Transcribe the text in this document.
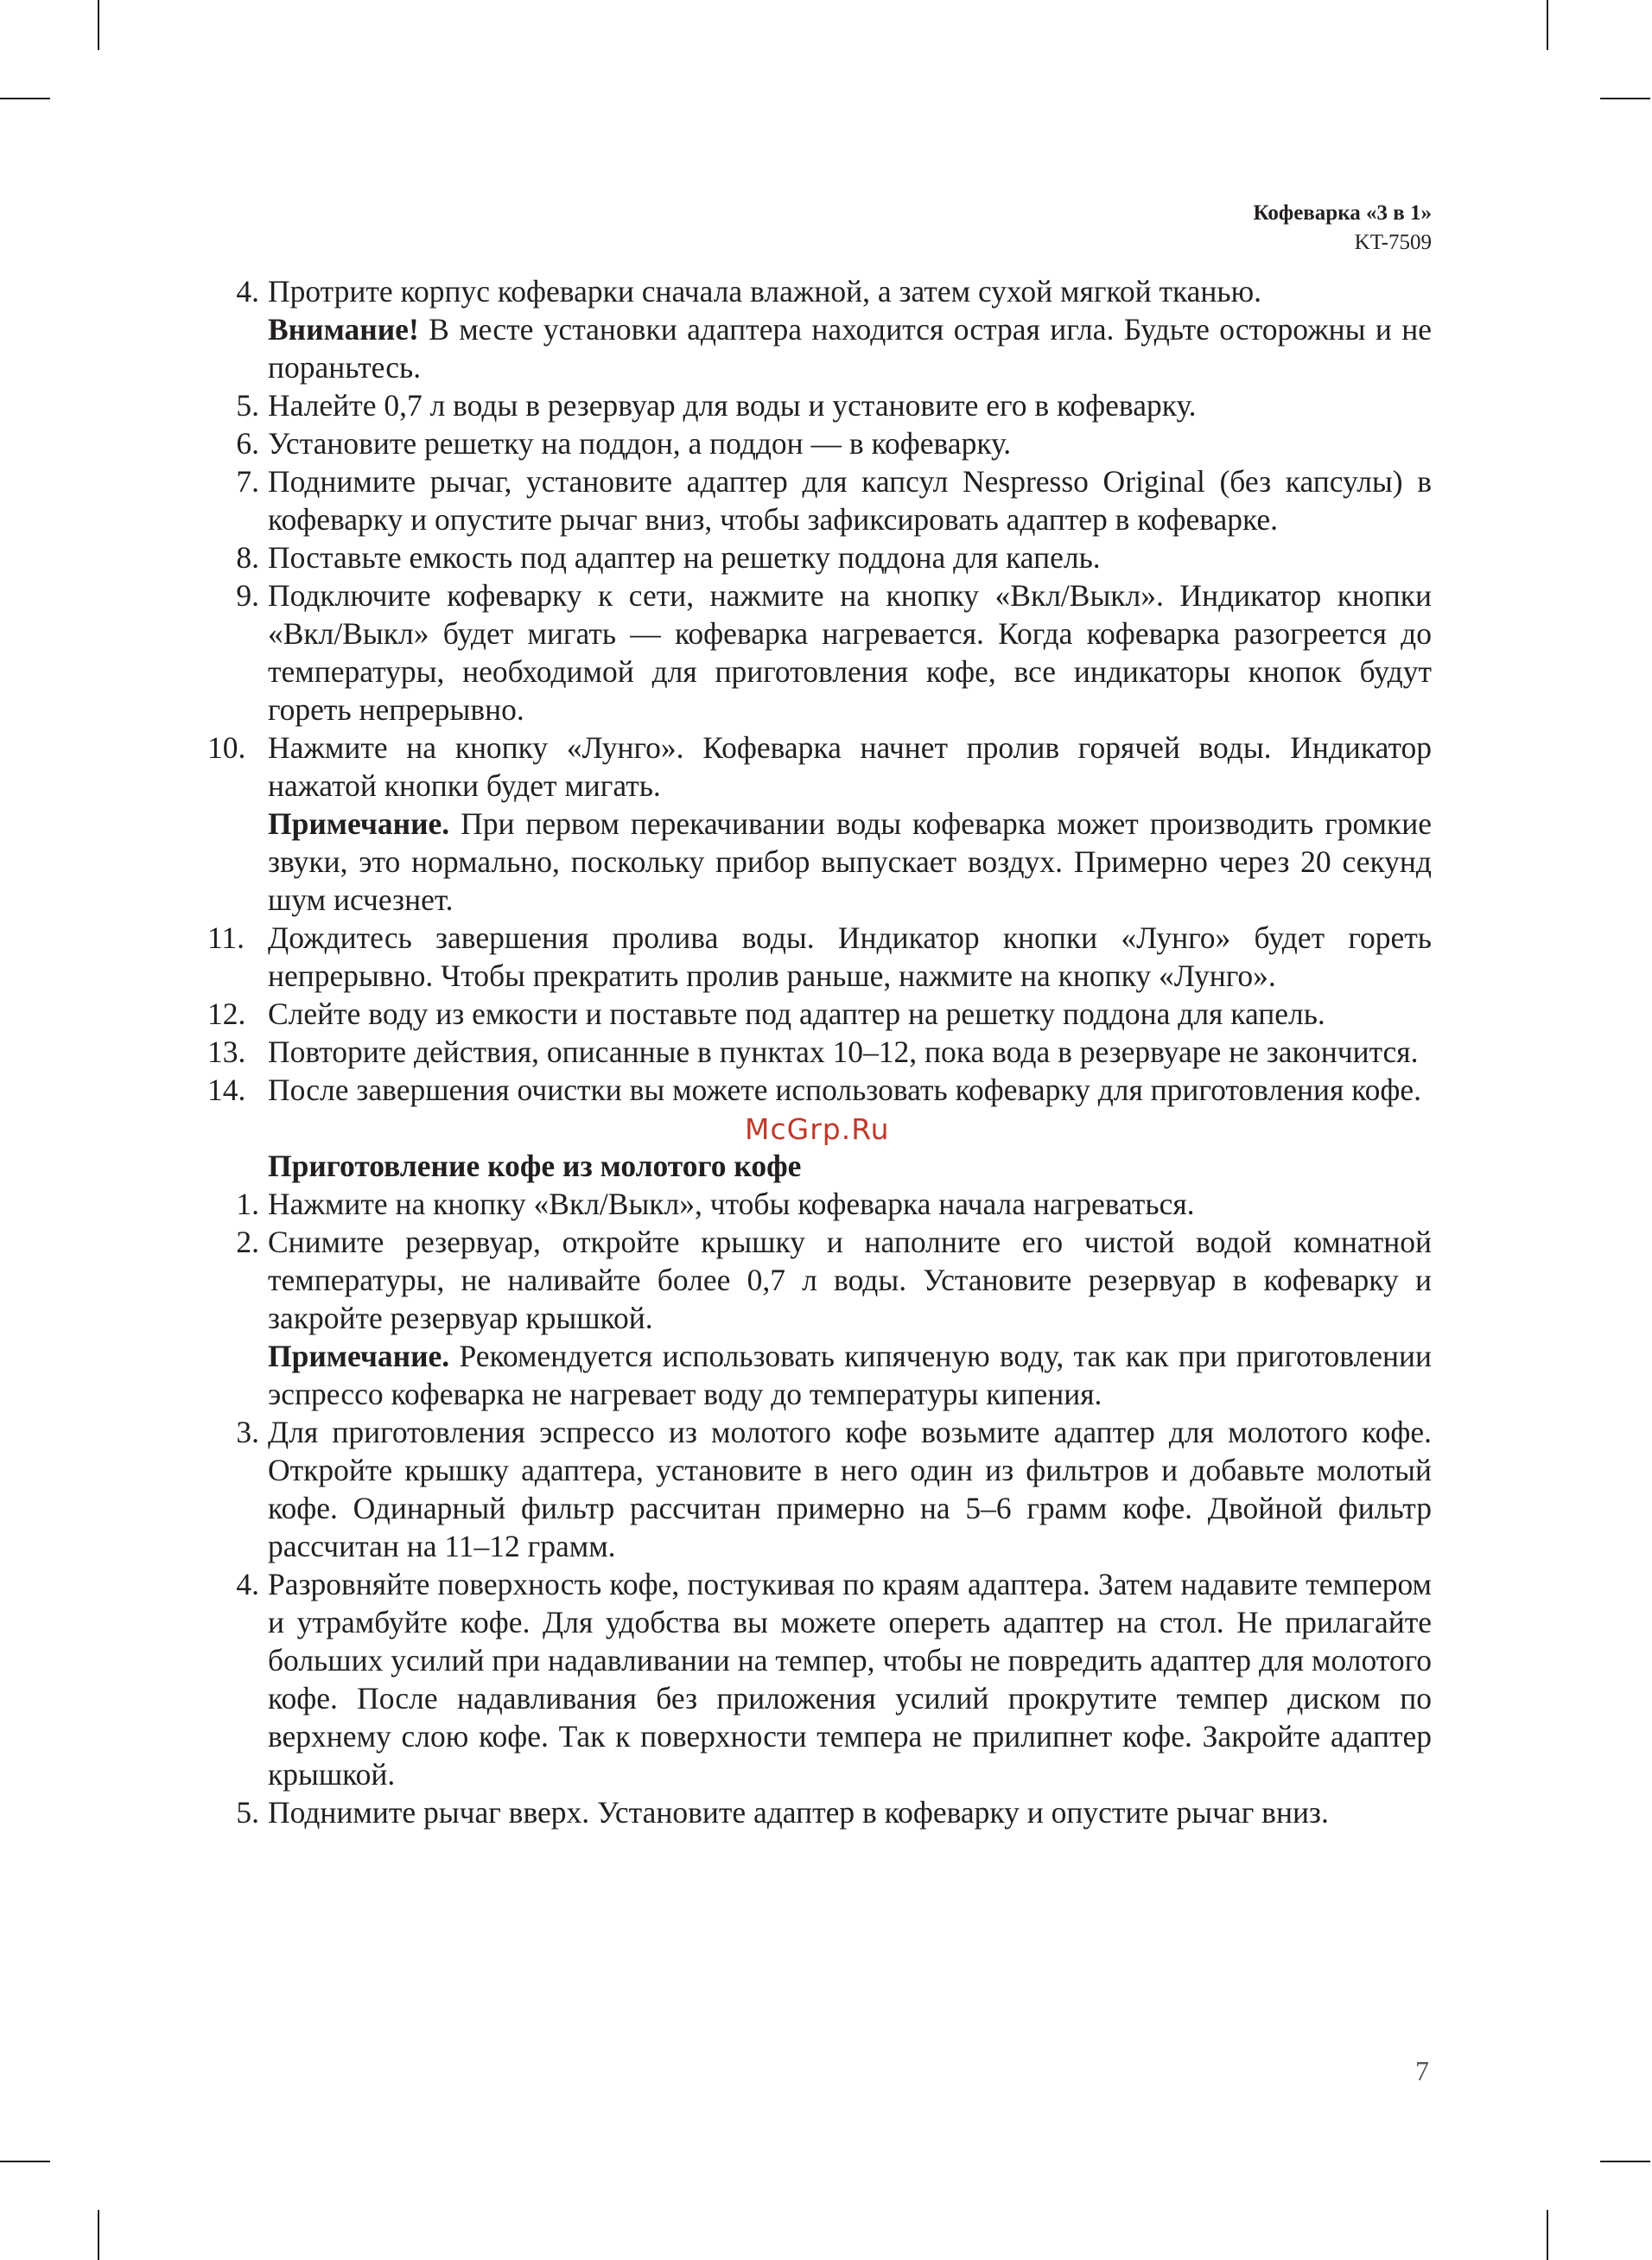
Кофеварка «3 в 1»
KT-7509
4. Протрите корпус кофеварки сначала влажной, а затем сухой мягкой тканью.
Внимание! В месте установки адаптера находится острая игла. Будьте осторожны и не пораньтесь.
5. Налейте 0,7 л воды в резервуар для воды и установите его в кофеварку.
6. Установите решетку на поддон, а поддон — в кофеварку.
7. Поднимите рычаг, установите адаптер для капсул Nespresso Original (без капсулы) в кофеварку и опустите рычаг вниз, чтобы зафиксировать адаптер в кофеварке.
8. Поставьте емкость под адаптер на решетку поддона для капель.
9. Подключите кофеварку к сети, нажмите на кнопку «Вкл/Выкл». Индикатор кнопки «Вкл/Выкл» будет мигать — кофеварка нагревается. Когда кофеварка разогреется до температуры, необходимой для приготовления кофе, все индикаторы кнопок будут гореть непрерывно.
10. Нажмите на кнопку «Лунго». Кофеварка начнет пролив горячей воды. Индикатор нажатой кнопки будет мигать.
Примечание. При первом перекачивании воды кофеварка может производить громкие звуки, это нормально, поскольку прибор выпускает воздух. Примерно через 20 секунд шум исчезнет.
11. Дождитесь завершения пролива воды. Индикатор кнопки «Лунго» будет гореть непрерывно. Чтобы прекратить пролив раньше, нажмите на кнопку «Лунго».
12. Слейте воду из емкости и поставьте под адаптер на решетку поддона для капель.
13. Повторите действия, описанные в пунктах 10–12, пока вода в резервуаре не закончится.
14. После завершения очистки вы можете использовать кофеварку для приготовления кофе.
Приготовление кофе из молотого кофе
1. Нажмите на кнопку «Вкл/Выкл», чтобы кофеварка начала нагреваться.
2. Снимите резервуар, откройте крышку и наполните его чистой водой комнатной температуры, не наливайте более 0,7 л воды. Установите резервуар в кофеварку и закройте резервуар крышкой.
Примечание. Рекомендуется использовать кипяченую воду, так как при приготовлении эспрессо кофеварка не нагревает воду до температуры кипения.
3. Для приготовления эспрессо из молотого кофе возьмите адаптер для молотого кофе. Откройте крышку адаптера, установите в него один из фильтров и добавьте молотый кофе. Одинарный фильтр рассчитан примерно на 5–6 грамм кофе. Двойной фильтр рассчитан на 11–12 грамм.
4. Разровняйте поверхность кофе, постукивая по краям адаптера. Затем надавите темпером и утрамбуйте кофе. Для удобства вы можете опереть адаптер на стол. Не прилагайте больших усилий при надавливании на темпер, чтобы не повредить адаптер для молотого кофе. После надавливания без приложения усилий прокрутите темпер диском по верхнему слою кофе. Так к поверхности темпера не прилипнет кофе. Закройте адаптер крышкой.
5. Поднимите рычаг вверх. Установите адаптер в кофеварку и опустите рычаг вниз.
McGrp.Ru
7
